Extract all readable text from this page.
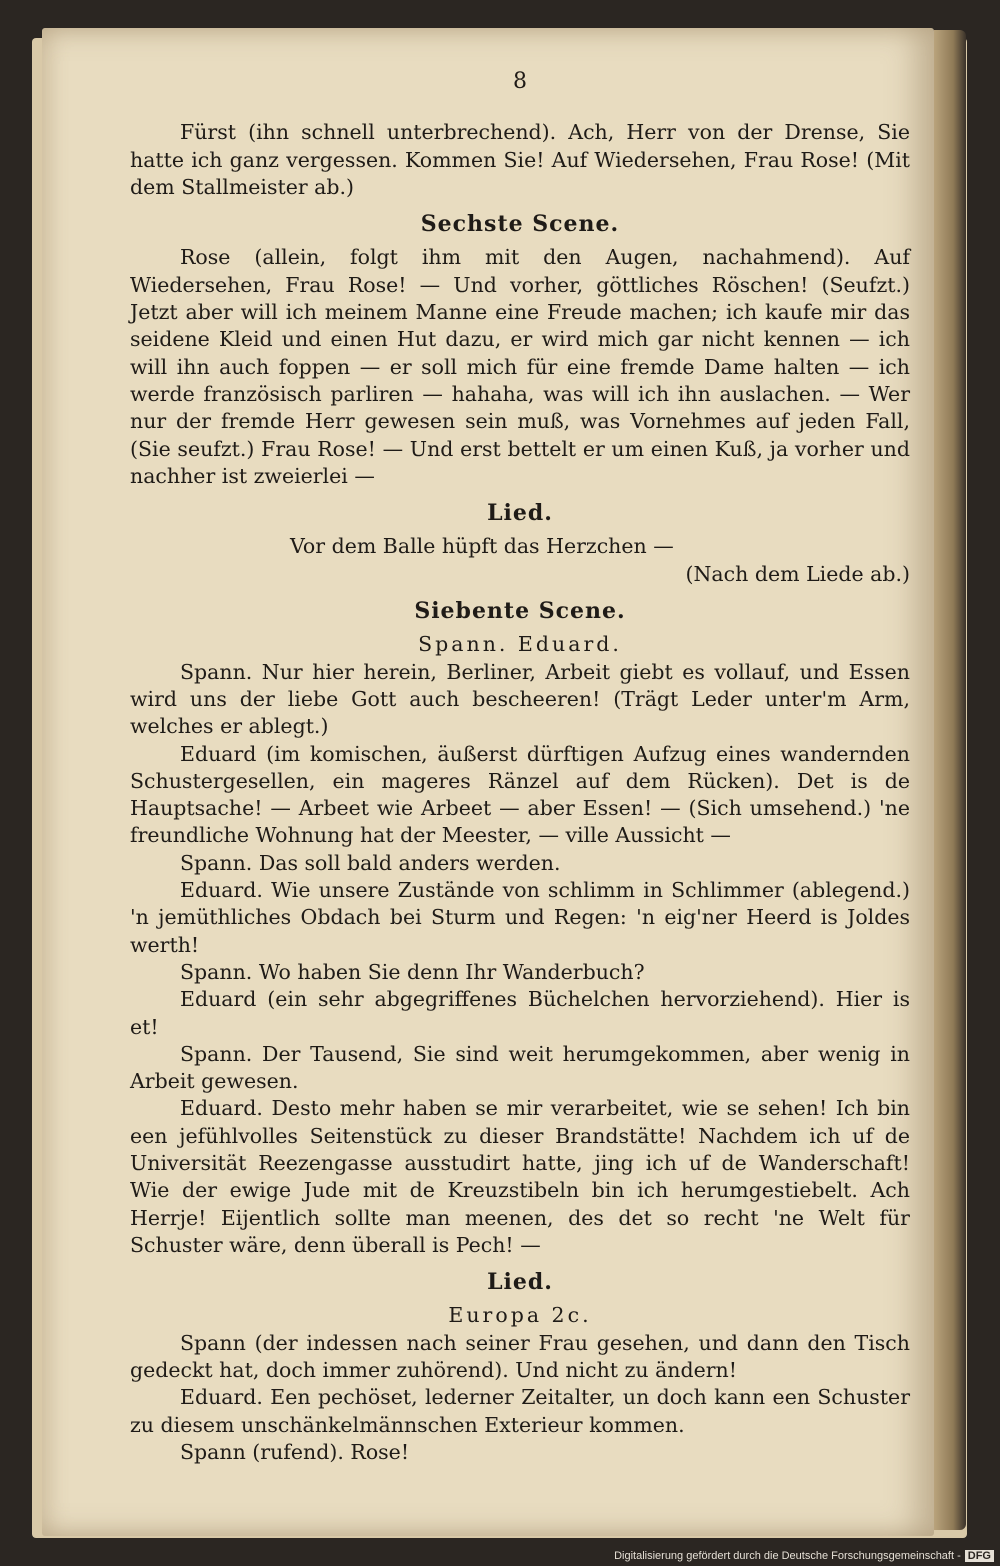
8

Fürst (ihn schnell unterbrechend). Ach, Herr von der Drense, Sie hatte ich ganz vergessen. Kommen Sie! Auf Wiedersehen, Frau Rose! (Mit dem Stallmeister ab.)

Sechste Scene.

Rose (allein, folgt ihm mit den Augen, nachahmend). Auf Wiedersehen, Frau Rose! — Und vorher, göttliches Röschen! (Seufzt.) Jetzt aber will ich meinem Manne eine Freude machen; ich kaufe mir das seidene Kleid und einen Hut dazu, er wird mich gar nicht kennen — ich will ihn auch foppen — er soll mich für eine fremde Dame halten — ich werde französisch parliren — hahaha, was will ich ihn auslachen. — Wer nur der fremde Herr gewesen sein muß, was Vornehmes auf jeden Fall, (Sie seufzt.) Frau Rose! — Und erst bettelt er um einen Kuß, ja vorher und nachher ist zweierlei —

Lied.

Vor dem Balle hüpft das Herzchen —

(Nach dem Liede ab.)

Siebente Scene.

Spann. Eduard.

Spann. Nur hier herein, Berliner, Arbeit giebt es vollauf, und Essen wird uns der liebe Gott auch bescheeren! (Trägt Leder unter'm Arm, welches er ablegt.)

Eduard (im komischen, äußerst dürftigen Aufzug eines wandernden Schustergesellen, ein mageres Ränzel auf dem Rücken). Det is de Hauptsache! — Arbeet wie Arbeet — aber Essen! — (Sich umsehend.) 'ne freundliche Wohnung hat der Meester, — ville Aussicht —

Spann. Das soll bald anders werden.

Eduard. Wie unsere Zustände von schlimm in Schlimmer (ablegend.) 'n jemüthliches Obdach bei Sturm und Regen: 'n eig'ner Heerd is Joldes werth!

Spann. Wo haben Sie denn Ihr Wanderbuch?

Eduard (ein sehr abgegriffenes Büchelchen hervorziehend). Hier is et!

Spann. Der Tausend, Sie sind weit herumgekommen, aber wenig in Arbeit gewesen.

Eduard. Desto mehr haben se mir verarbeitet, wie se sehen! Ich bin een jefühlvolles Seitenstück zu dieser Brandstätte! Nachdem ich uf de Universität Reezengasse ausstudirt hatte, jing ich uf de Wanderschaft! Wie der ewige Jude mit de Kreuzstibeln bin ich herumgestiebelt. Ach Herrje! Eijentlich sollte man meenen, des det so recht 'ne Welt für Schuster wäre, denn überall is Pech! —

Lied.

Europa 2c.

Spann (der indessen nach seiner Frau gesehen, und dann den Tisch gedeckt hat, doch immer zuhörend). Und nicht zu ändern!

Eduard. Een pechöset, lederner Zeitalter, un doch kann een Schuster zu diesem unschänkelmännschen Exterieur kommen.

Spann (rufend). Rose!

Digitalisierung gefördert durch die Deutsche Forschungsgemeinschaft - DFG
